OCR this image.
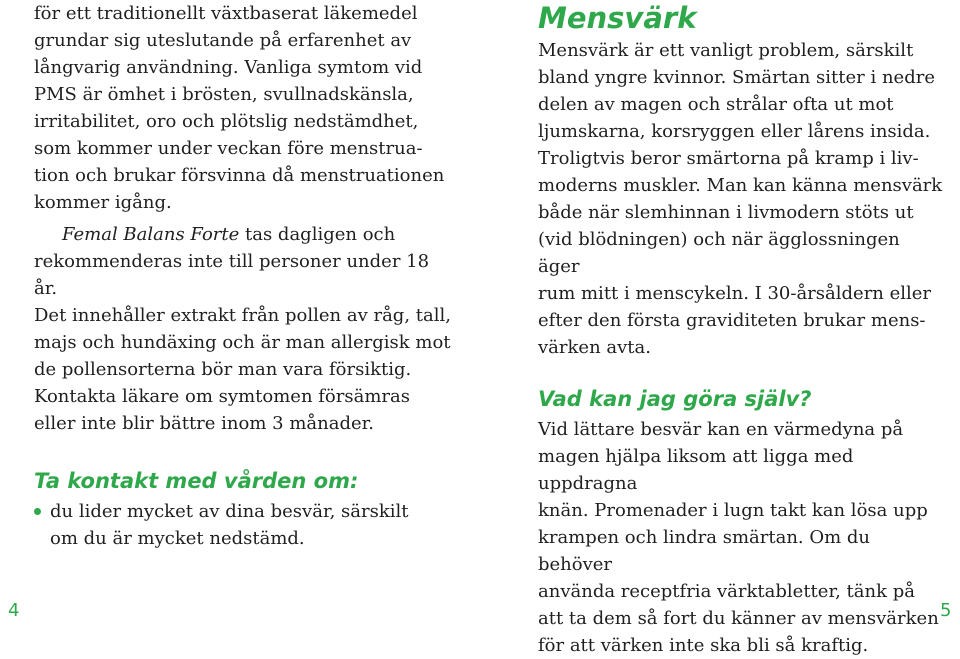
för ett traditionellt växtbaserat läkemedel

grundar sig uteslutande på erfarenhet av

långvarig användning. Vanliga symtom vid

PMS är ömhet i brösten, svullnadskänsla,

irritabilitet, oro och plötslig nedstämdhet,

som kommer under veckan före menstrua-

tion och brukar försvinna då menstruationen

kommer igång.

Femal Balans Forte tas dagligen och

rekommenderas inte till personer under 18 år.

Det innehåller extrakt från pollen av råg, tall,

majs och hundäxing och är man allergisk mot

de pollensorterna bör man vara försiktig.

Kontakta läkare om symtomen försämras

eller inte blir bättre inom 3 månader.

Ta kontakt med vården om:

du lider mycket av dina besvär, särskilt

om du är mycket nedstämd.

Mensvärk

Mensvärk är ett vanligt problem, särskilt

bland yngre kvinnor. Smärtan sitter i nedre

delen av magen och strålar ofta ut mot

ljumskarna, korsryggen eller lårens insida.

Troligtvis beror smärtorna på kramp i liv-

moderns muskler. Man kan känna mensvärk

både när slemhinnan i livmodern stöts ut

(vid blödningen) och när ägglossningen äger

rum mitt i menscykeln. I 30-årsåldern eller

efter den första graviditeten brukar mens-

värken avta.

Vad kan jag göra själv?

Vid lättare besvär kan en värmedyna på

magen hjälpa liksom att ligga med uppdragna

knän. Promenader i lugn takt kan lösa upp

krampen och lindra smärtan. Om du behöver

använda receptfria värktabletter, tänk på

att ta dem så fort du känner av mensvärken

för att värken inte ska bli så kraftig.

4	5
